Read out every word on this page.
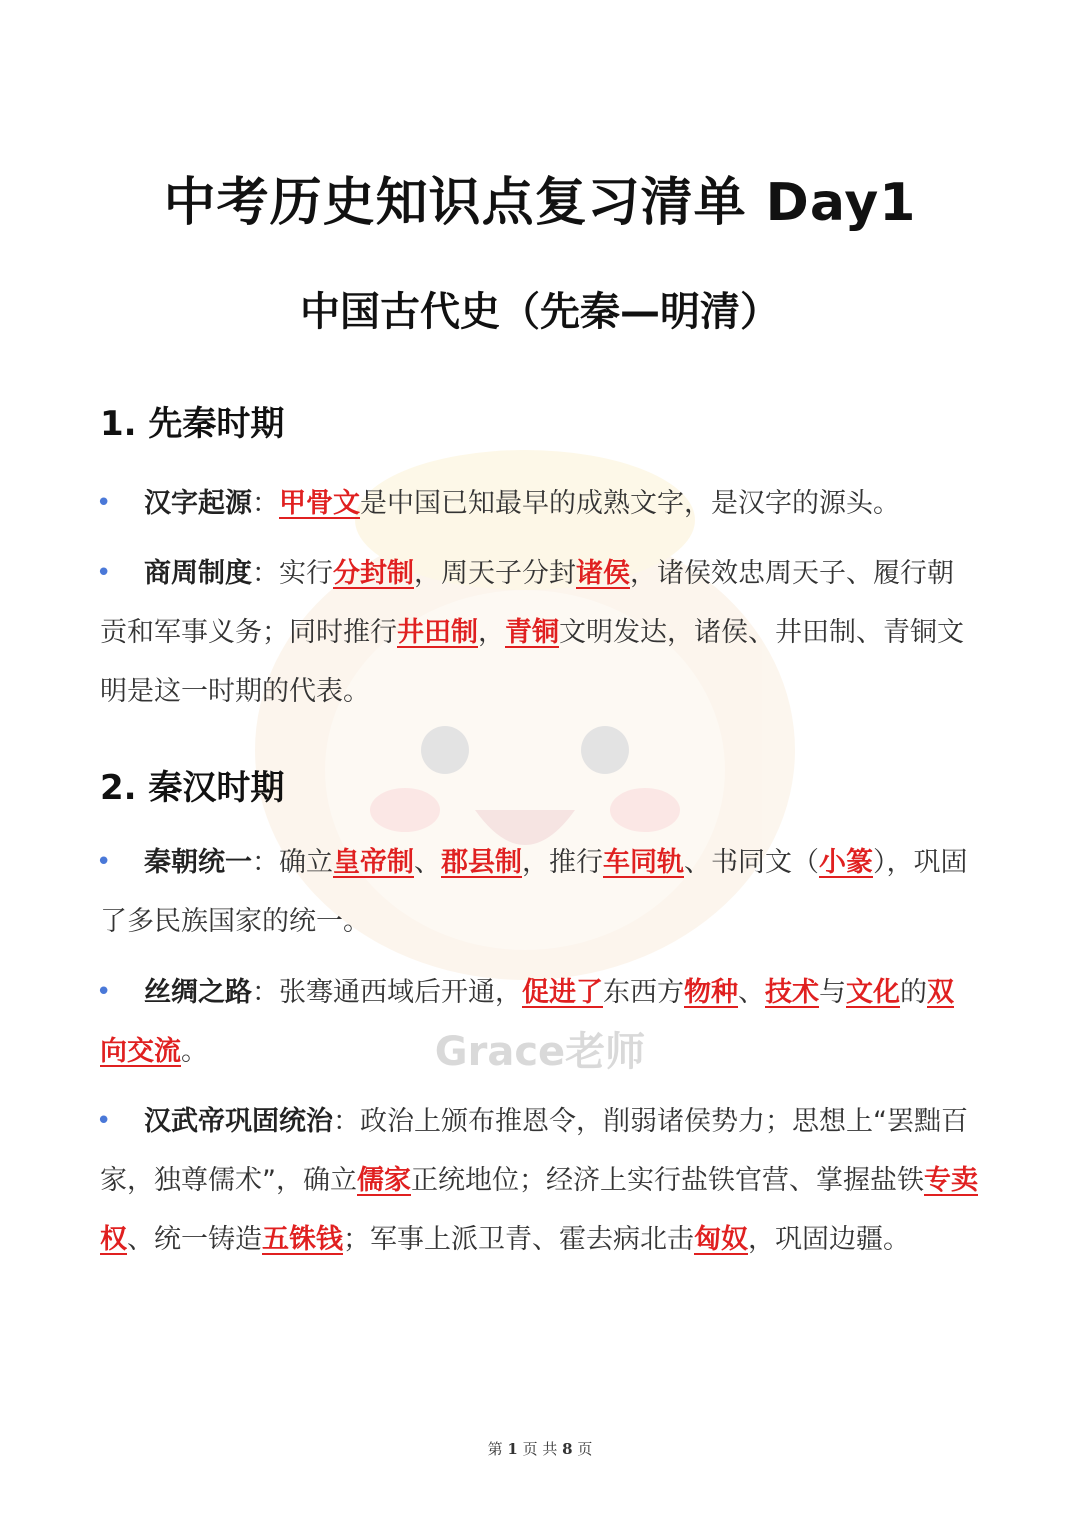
Grace老师
中考历史知识点复习清单 Day1
中国古代史（先秦—明清）
1. 先秦时期
• 汉字起源：甲骨文是中国已知最早的成熟文字，是汉字的源头。
• 商周制度：实行分封制，周天子分封诸侯，诸侯效忠周天子、履行朝贡和军事义务；同时推行井田制，青铜文明发达，诸侯、井田制、青铜文明是这一时期的代表。
2. 秦汉时期
• 秦朝统一：确立皇帝制、郡县制，推行车同轨、书同文（小篆），巩固了多民族国家的统一。
• 丝绸之路：张骞通西域后开通，促进了东西方物种、技术与文化的双向交流。
• 汉武帝巩固统治：政治上颁布推恩令，削弱诸侯势力；思想上“罢黜百家，独尊儒术”，确立儒家正统地位；经济上实行盐铁官营、掌握盐铁专卖权、统一铸造五铢钱；军事上派卫青、霍去病北击匈奴，巩固边疆。
第 1 页 共 8 页
